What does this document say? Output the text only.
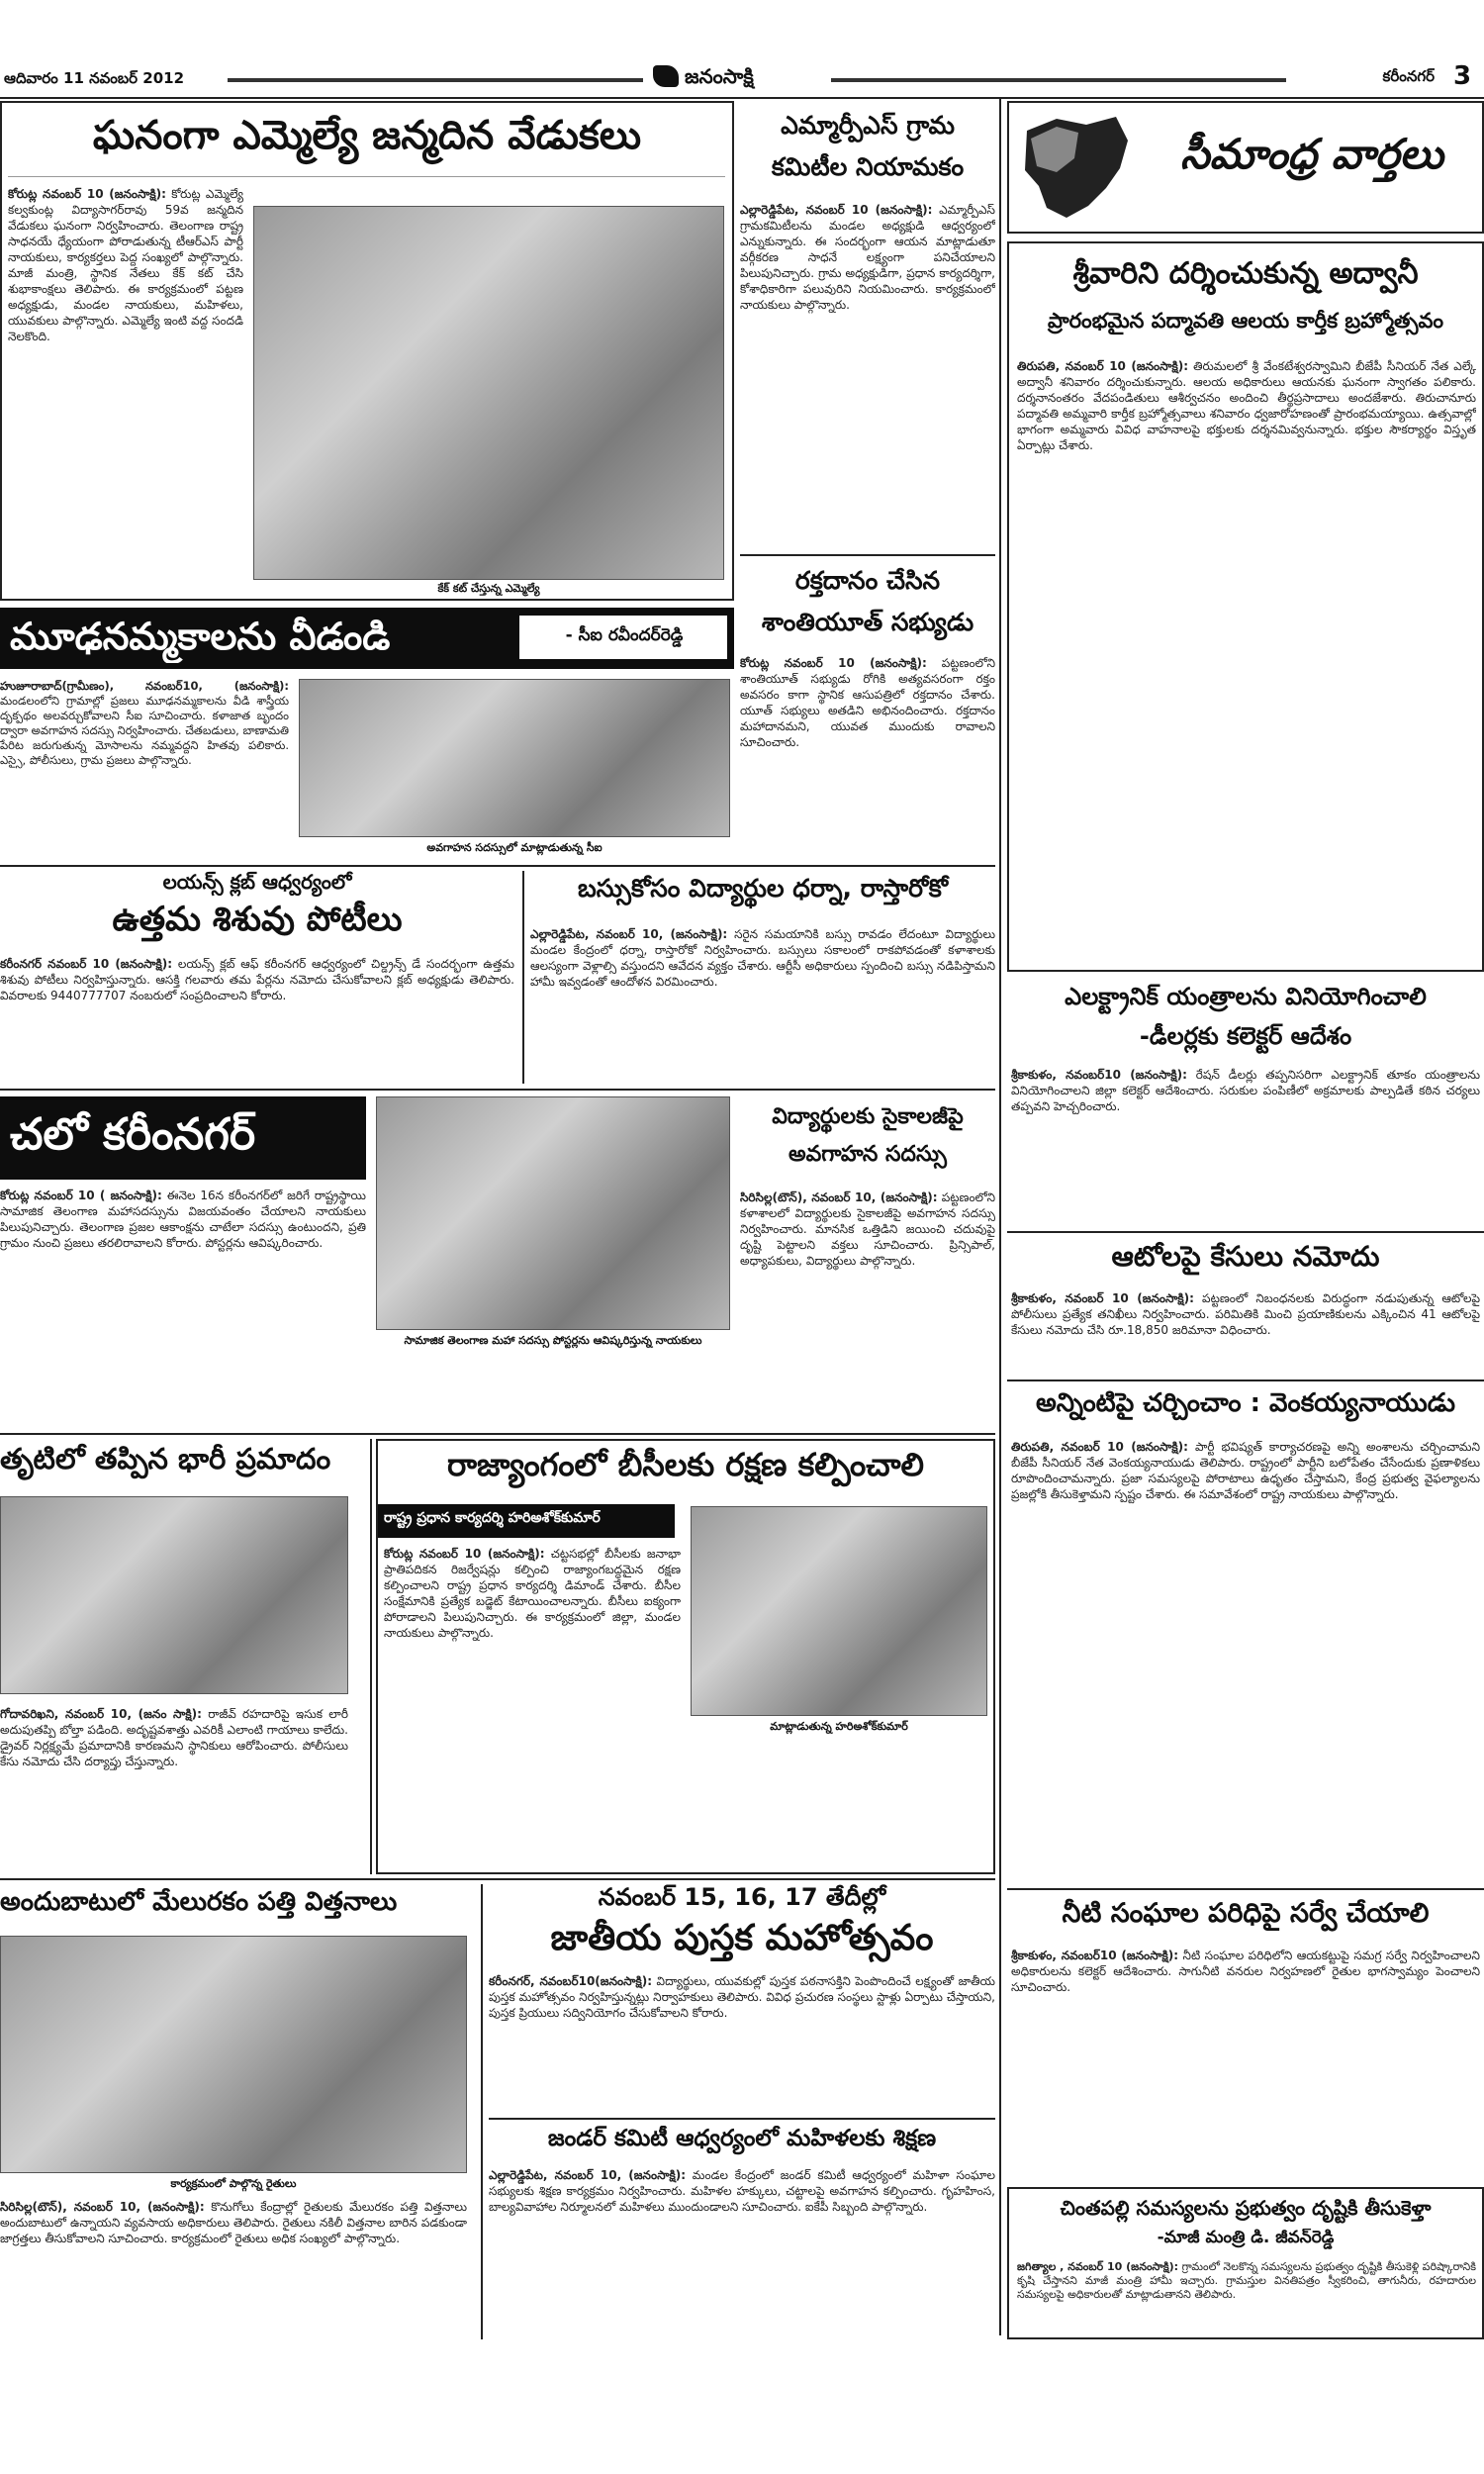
ఆదివారం 11 నవంబర్ 2012	జనంసాక్షి	కరీంనగర్ 3
ఘనంగా ఎమ్మెల్యే జన్మదిన వేడుకలు
కోరుట్ల నవంబర్ 10 (జనంసాక్షి): కోరుట్ల ఎమ్మెల్యే కల్వకుంట్ల విద్యాసాగర్‌రావు 59వ జన్మదిన వేడుకలు ఘనంగా నిర్వహించారు. తెలంగాణ రాష్ట్ర సాధనయే ధ్యేయంగా పోరాడుతున్న టీఆర్‌ఎస్ పార్టీ నాయకులు, కార్యకర్తలు పెద్ద సంఖ్యలో పాల్గొన్నారు. మాజీ మంత్రి, స్థానిక నేతలు కేక్ కట్ చేసి శుభాకాంక్షలు తెలిపారు. ఈ కార్యక్రమంలో పట్టణ అధ్యక్షుడు, మండల నాయకులు, మహిళలు, యువకులు పాల్గొన్నారు. ఎమ్మెల్యే ఇంటి వద్ద సందడి నెలకొంది.
కేక్ కట్ చేస్తున్న ఎమ్మెల్యే
ఎమ్మార్పీఎస్ గ్రామ కమిటీల నియామకం
ఎల్లారెడ్డిపేట, నవంబర్ 10 (జనంసాక్షి): ఎమ్మార్పీఎస్ గ్రామకమిటీలను మండల అధ్యక్షుడి ఆధ్వర్యంలో ఎన్నుకున్నారు. ఈ సందర్భంగా ఆయన మాట్లాడుతూ వర్గీకరణ సాధనే లక్ష్యంగా పనిచేయాలని పిలుపునిచ్చారు. గ్రామ అధ్యక్షుడిగా, ప్రధాన కార్యదర్శిగా, కోశాధికారిగా పలువురిని నియమించారు. కార్యక్రమంలో నాయకులు పాల్గొన్నారు.
రక్తదానం చేసిన శాంతియూత్ సభ్యుడు
కోరుట్ల నవంబర్ 10 (జనంసాక్షి): పట్టణంలోని శాంతియూత్ సభ్యుడు రోగికి అత్యవసరంగా రక్తం అవసరం కాగా స్థానిక ఆసుపత్రిలో రక్తదానం చేశారు. యూత్ సభ్యులు అతడిని అభినందించారు. రక్తదానం మహాదానమని, యువత ముందుకు రావాలని సూచించారు.
మూఢనమ్మకాలను వీడండి	- సీఐ రవీందర్‌రెడ్డి
హుజూరాబాద్(గ్రామీణం), నవంబర్10, (జనంసాక్షి): మండలంలోని గ్రామాల్లో ప్రజలు మూఢనమ్మకాలను వీడి శాస్త్రీయ దృక్పథం అలవర్చుకోవాలని సీఐ సూచించారు. కళాజాత బృందం ద్వారా అవగాహన సదస్సు నిర్వహించారు. చేతబడులు, బాణామతి పేరిట జరుగుతున్న మోసాలను నమ్మవద్దని హితవు పలికారు. ఎస్సై, పోలీసులు, గ్రామ ప్రజలు పాల్గొన్నారు.
అవగాహన సదస్సులో మాట్లాడుతున్న సీఐ
లయన్స్ క్లబ్ ఆధ్వర్యంలో
ఉత్తమ శిశువు పోటీలు
కరీంనగర్ నవంబర్ 10 (జనంసాక్షి): లయన్స్ క్లబ్ ఆఫ్ కరీంనగర్ ఆధ్వర్యంలో చిల్డ్రన్స్ డే సందర్భంగా ఉత్తమ శిశువు పోటీలు నిర్వహిస్తున్నారు. ఆసక్తి గలవారు తమ పేర్లను నమోదు చేసుకోవాలని క్లబ్ అధ్యక్షుడు తెలిపారు. వివరాలకు 9440777707 నంబరులో సంప్రదించాలని కోరారు.
బస్సుకోసం విద్యార్థుల ధర్నా, రాస్తారోకో
ఎల్లారెడ్డిపేట, నవంబర్ 10, (జనంసాక్షి): సరైన సమయానికి బస్సు రావడం లేదంటూ విద్యార్థులు మండల కేంద్రంలో ధర్నా, రాస్తారోకో నిర్వహించారు. బస్సులు సకాలంలో రాకపోవడంతో కళాశాలకు ఆలస్యంగా వెళ్లాల్సి వస్తుందని ఆవేదన వ్యక్తం చేశారు. ఆర్టీసీ అధికారులు స్పందించి బస్సు నడిపిస్తామని హామీ ఇవ్వడంతో ఆందోళన విరమించారు.
చలో కరీంనగర్
కోరుట్ల నవంబర్ 10 ( జనంసాక్షి): ఈనెల 16న కరీంనగర్‌లో జరిగే రాష్ట్రస్థాయి సామాజిక తెలంగాణ మహాసదస్సును విజయవంతం చేయాలని నాయకులు పిలుపునిచ్చారు. తెలంగాణ ప్రజల ఆకాంక్షను చాటేలా సదస్సు ఉంటుందని, ప్రతి గ్రామం నుంచి ప్రజలు తరలిరావాలని కోరారు. పోస్టర్లను ఆవిష్కరించారు.
సామాజిక తెలంగాణ మహా సదస్సు పోస్టర్లను ఆవిష్కరిస్తున్న నాయకులు
విద్యార్థులకు సైకాలజీపై అవగాహన సదస్సు
సిరిసిల్ల(టౌన్), నవంబర్ 10, (జనంసాక్షి): పట్టణంలోని కళాశాలలో విద్యార్థులకు సైకాలజీపై అవగాహన సదస్సు నిర్వహించారు. మానసిక ఒత్తిడిని జయించి చదువుపై దృష్టి పెట్టాలని వక్తలు సూచించారు. ప్రిన్సిపాల్, అధ్యాపకులు, విద్యార్థులు పాల్గొన్నారు.
తృటిలో తప్పిన భారీ ప్రమాదం
గోదావరిఖని, నవంబర్ 10, (జనం సాక్షి): రాజీవ్ రహదారిపై ఇసుక లారీ అదుపుతప్పి బోల్తా పడింది. అదృష్టవశాత్తు ఎవరికీ ఎలాంటి గాయాలు కాలేదు. డ్రైవర్ నిర్లక్ష్యమే ప్రమాదానికి కారణమని స్థానికులు ఆరోపించారు. పోలీసులు కేసు నమోదు చేసి దర్యాప్తు చేస్తున్నారు.
రాజ్యాంగంలో బీసీలకు రక్షణ కల్పించాలి
రాష్ట్ర ప్రధాన కార్యదర్శి హరిఅశోక్‌కుమార్
కోరుట్ల నవంబర్ 10 (జనంసాక్షి): చట్టసభల్లో బీసీలకు జనాభా ప్రాతిపదికన రిజర్వేషన్లు కల్పించి రాజ్యాంగబద్ధమైన రక్షణ కల్పించాలని రాష్ట్ర ప్రధాన కార్యదర్శి డిమాండ్ చేశారు. బీసీల సంక్షేమానికి ప్రత్యేక బడ్జెట్ కేటాయించాలన్నారు. బీసీలు ఐక్యంగా పోరాడాలని పిలుపునిచ్చారు. ఈ కార్యక్రమంలో జిల్లా, మండల నాయకులు పాల్గొన్నారు.
మాట్లాడుతున్న హరిఅశోక్‌కుమార్
అందుబాటులో మేలురకం పత్తి విత్తనాలు
కార్యక్రమంలో పాల్గొన్న రైతులు
సిరిసిల్ల(టౌన్), నవంబర్ 10, (జనంసాక్షి): కొనుగోలు కేంద్రాల్లో రైతులకు మేలురకం పత్తి విత్తనాలు అందుబాటులో ఉన్నాయని వ్యవసాయ అధికారులు తెలిపారు. రైతులు నకిలీ విత్తనాల బారిన పడకుండా జాగ్రత్తలు తీసుకోవాలని సూచించారు. కార్యక్రమంలో రైతులు అధిక సంఖ్యలో పాల్గొన్నారు.
నవంబర్ 15, 16, 17 తేదీల్లో
జాతీయ పుస్తక మహోత్సవం
కరీంనగర్, నవంబర్10(జనంసాక్షి): విద్యార్థులు, యువకుల్లో పుస్తక పఠనాసక్తిని పెంపొందించే లక్ష్యంతో జాతీయ పుస్తక మహోత్సవం నిర్వహిస్తున్నట్లు నిర్వాహకులు తెలిపారు. వివిధ ప్రచురణ సంస్థలు స్టాళ్లు ఏర్పాటు చేస్తాయని, పుస్తక ప్రియులు సద్వినియోగం చేసుకోవాలని కోరారు.
జండర్ కమిటీ ఆధ్వర్యంలో మహిళలకు శిక్షణ
ఎల్లారెడ్డిపేట, నవంబర్ 10, (జనంసాక్షి): మండల కేంద్రంలో జండర్ కమిటీ ఆధ్వర్యంలో మహిళా సంఘాల సభ్యులకు శిక్షణ కార్యక్రమం నిర్వహించారు. మహిళల హక్కులు, చట్టాలపై అవగాహన కల్పించారు. గృహహింస, బాల్యవివాహాల నిర్మూలనలో మహిళలు ముందుండాలని సూచించారు. ఐకేపీ సిబ్బంది పాల్గొన్నారు.
సీమాంధ్ర వార్తలు
శ్రీవారిని దర్శించుకున్న అద్వానీ
ప్రారంభమైన పద్మావతి ఆలయ కార్తీక బ్రహ్మోత్సవం
తిరుపతి, నవంబర్ 10 (జనంసాక్షి): తిరుమలలో శ్రీ వేంకటేశ్వరస్వామిని బీజేపీ సీనియర్ నేత ఎల్కే అద్వానీ శనివారం దర్శించుకున్నారు. ఆలయ అధికారులు ఆయనకు ఘనంగా స్వాగతం పలికారు. దర్శనానంతరం వేదపండితులు ఆశీర్వచనం అందించి తీర్థప్రసాదాలు అందజేశారు. తిరుచానూరు పద్మావతి అమ్మవారి కార్తీక బ్రహ్మోత్సవాలు శనివారం ధ్వజారోహణంతో ప్రారంభమయ్యాయి. ఉత్సవాల్లో భాగంగా అమ్మవారు వివిధ వాహనాలపై భక్తులకు దర్శనమివ్వనున్నారు. భక్తుల సౌకర్యార్థం విస్తృత ఏర్పాట్లు చేశారు.
ఎలక్ట్రానిక్ యంత్రాలను వినియోగించాలి
-డీలర్లకు కలెక్టర్ ఆదేశం
శ్రీకాకుళం, నవంబర్10 (జనంసాక్షి): రేషన్ డీలర్లు తప్పనిసరిగా ఎలక్ట్రానిక్ తూకం యంత్రాలను వినియోగించాలని జిల్లా కలెక్టర్ ఆదేశించారు. సరుకుల పంపిణీలో అక్రమాలకు పాల్పడితే కఠిన చర్యలు తప్పవని హెచ్చరించారు.
ఆటోలపై కేసులు నమోదు
శ్రీకాకుళం, నవంబర్ 10 (జనంసాక్షి): పట్టణంలో నిబంధనలకు విరుద్ధంగా నడుపుతున్న ఆటోలపై పోలీసులు ప్రత్యేక తనిఖీలు నిర్వహించారు. పరిమితికి మించి ప్రయాణికులను ఎక్కించిన 41 ఆటోలపై కేసులు నమోదు చేసి రూ.18,850 జరిమానా విధించారు.
అన్నింటిపై చర్చించాం : వెంకయ్యనాయుడు
తిరుపతి, నవంబర్ 10 (జనంసాక్షి): పార్టీ భవిష్యత్ కార్యాచరణపై అన్ని అంశాలను చర్చించామని బీజేపీ సీనియర్ నేత వెంకయ్యనాయుడు తెలిపారు. రాష్ట్రంలో పార్టీని బలోపేతం చేసేందుకు ప్రణాళికలు రూపొందించామన్నారు. ప్రజా సమస్యలపై పోరాటాలు ఉధృతం చేస్తామని, కేంద్ర ప్రభుత్వ వైఫల్యాలను ప్రజల్లోకి తీసుకెళ్తామని స్పష్టం చేశారు. ఈ సమావేశంలో రాష్ట్ర నాయకులు పాల్గొన్నారు.
నీటి సంఘాల పరిధిపై సర్వే చేయాలి
శ్రీకాకుళం, నవంబర్10 (జనంసాక్షి): నీటి సంఘాల పరిధిలోని ఆయకట్టుపై సమగ్ర సర్వే నిర్వహించాలని అధికారులను కలెక్టర్ ఆదేశించారు. సాగునీటి వనరుల నిర్వహణలో రైతుల భాగస్వామ్యం పెంచాలని సూచించారు.
చింతపల్లి సమస్యలను ప్రభుత్వం దృష్టికి తీసుకెళ్తా
-మాజీ మంత్రి డి. జీవన్‌రెడ్డి
జగిత్యాల , నవంబర్ 10 (జనంసాక్షి): గ్రామంలో నెలకొన్న సమస్యలను ప్రభుత్వం దృష్టికి తీసుకెళ్లి పరిష్కారానికి కృషి చేస్తానని మాజీ మంత్రి హామీ ఇచ్చారు. గ్రామస్తుల వినతిపత్రం స్వీకరించి, తాగునీరు, రహదారుల సమస్యలపై అధికారులతో మాట్లాడుతానని తెలిపారు.
